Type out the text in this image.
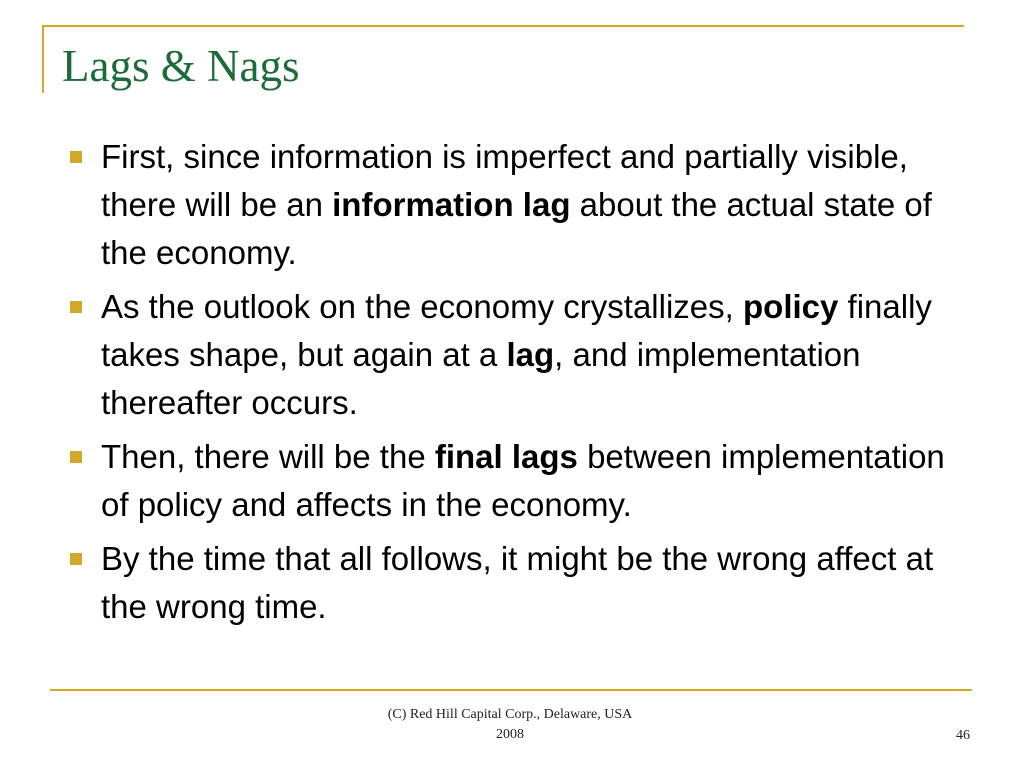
Lags & Nags
First, since information is imperfect and partially visible, there will be an information lag about the actual state of the economy.
As the outlook on the economy crystallizes, policy finally takes shape, but again at a lag, and implementation thereafter occurs.
Then, there will be the final lags between implementation of policy and affects in the economy.
By the time that all follows, it might be the wrong affect at the wrong time.
(C) Red Hill Capital Corp., Delaware, USA
2008	46
